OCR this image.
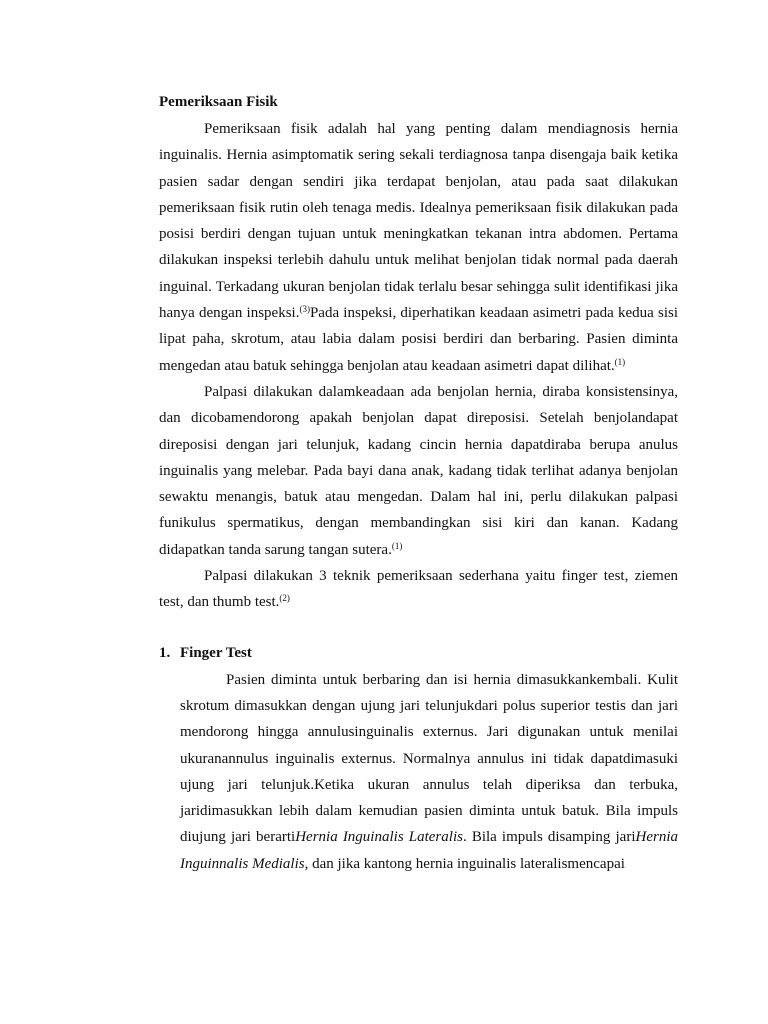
Pemeriksaan Fisik

Pemeriksaan fisik adalah hal yang penting dalam mendiagnosis hernia inguinalis. Hernia asimptomatik sering sekali terdiagnosa tanpa disengaja baik ketika pasien sadar dengan sendiri jika terdapat benjolan, atau pada saat dilakukan pemeriksaan fisik rutin oleh tenaga medis. Idealnya pemeriksaan fisik dilakukan pada posisi berdiri dengan tujuan untuk meningkatkan tekanan intra abdomen. Pertama dilakukan inspeksi terlebih dahulu untuk melihat benjolan tidak normal pada daerah inguinal. Terkadang ukuran benjolan tidak terlalu besar sehingga sulit identifikasi jika hanya dengan inspeksi.$^{(3)}$Pada inspeksi, diperhatikan keadaan asimetri pada kedua sisi lipat paha, skrotum, atau labia dalam posisi berdiri dan berbaring. Pasien diminta mengedan atau batuk sehingga benjolan atau keadaan asimetri dapat dilihat.$^{(1)}$

Palpasi dilakukan dalamkeadaan ada benjolan hernia, diraba konsistensinya, dan dicobamendorong apakah benjolan dapat direposisi. Setelah benjolandapat direposisi dengan jari telunjuk, kadang cincin hernia dapatdiraba berupa anulus inguinalis yang melebar. Pada bayi dana anak, kadang tidak terlihat adanya benjolan sewaktu menangis, batuk atau mengedan. Dalam hal ini, perlu dilakukan palpasi funikulus spermatikus, dengan membandingkan sisi kiri dan kanan. Kadang didapatkan tanda sarung tangan sutera.$^{(1)}$

Palpasi dilakukan 3 teknik pemeriksaan sederhana yaitu finger test, ziemen test, dan thumb test.$^{(2)}$

1. Finger Test

Pasien diminta untuk berbaring dan isi hernia dimasukkankembali. Kulit skrotum dimasukkan dengan ujung jari telunjukdari polus superior testis dan jari mendorong hingga annulusinguinalis externus. Jari digunakan untuk menilai ukuranannulus inguinalis externus. Normalnya annulus ini tidak dapatdimasuki ujung jari telunjuk.Ketika ukuran annulus telah diperiksa dan terbuka, jaridimasukkan lebih dalam kemudian pasien diminta untuk batuk. Bila impuls diujung jari berartiHernia Inguinalis Lateralis. Bila impuls disamping jariHernia Inguinnalis Medialis, dan jika kantong hernia inguinalis lateralismencapai
